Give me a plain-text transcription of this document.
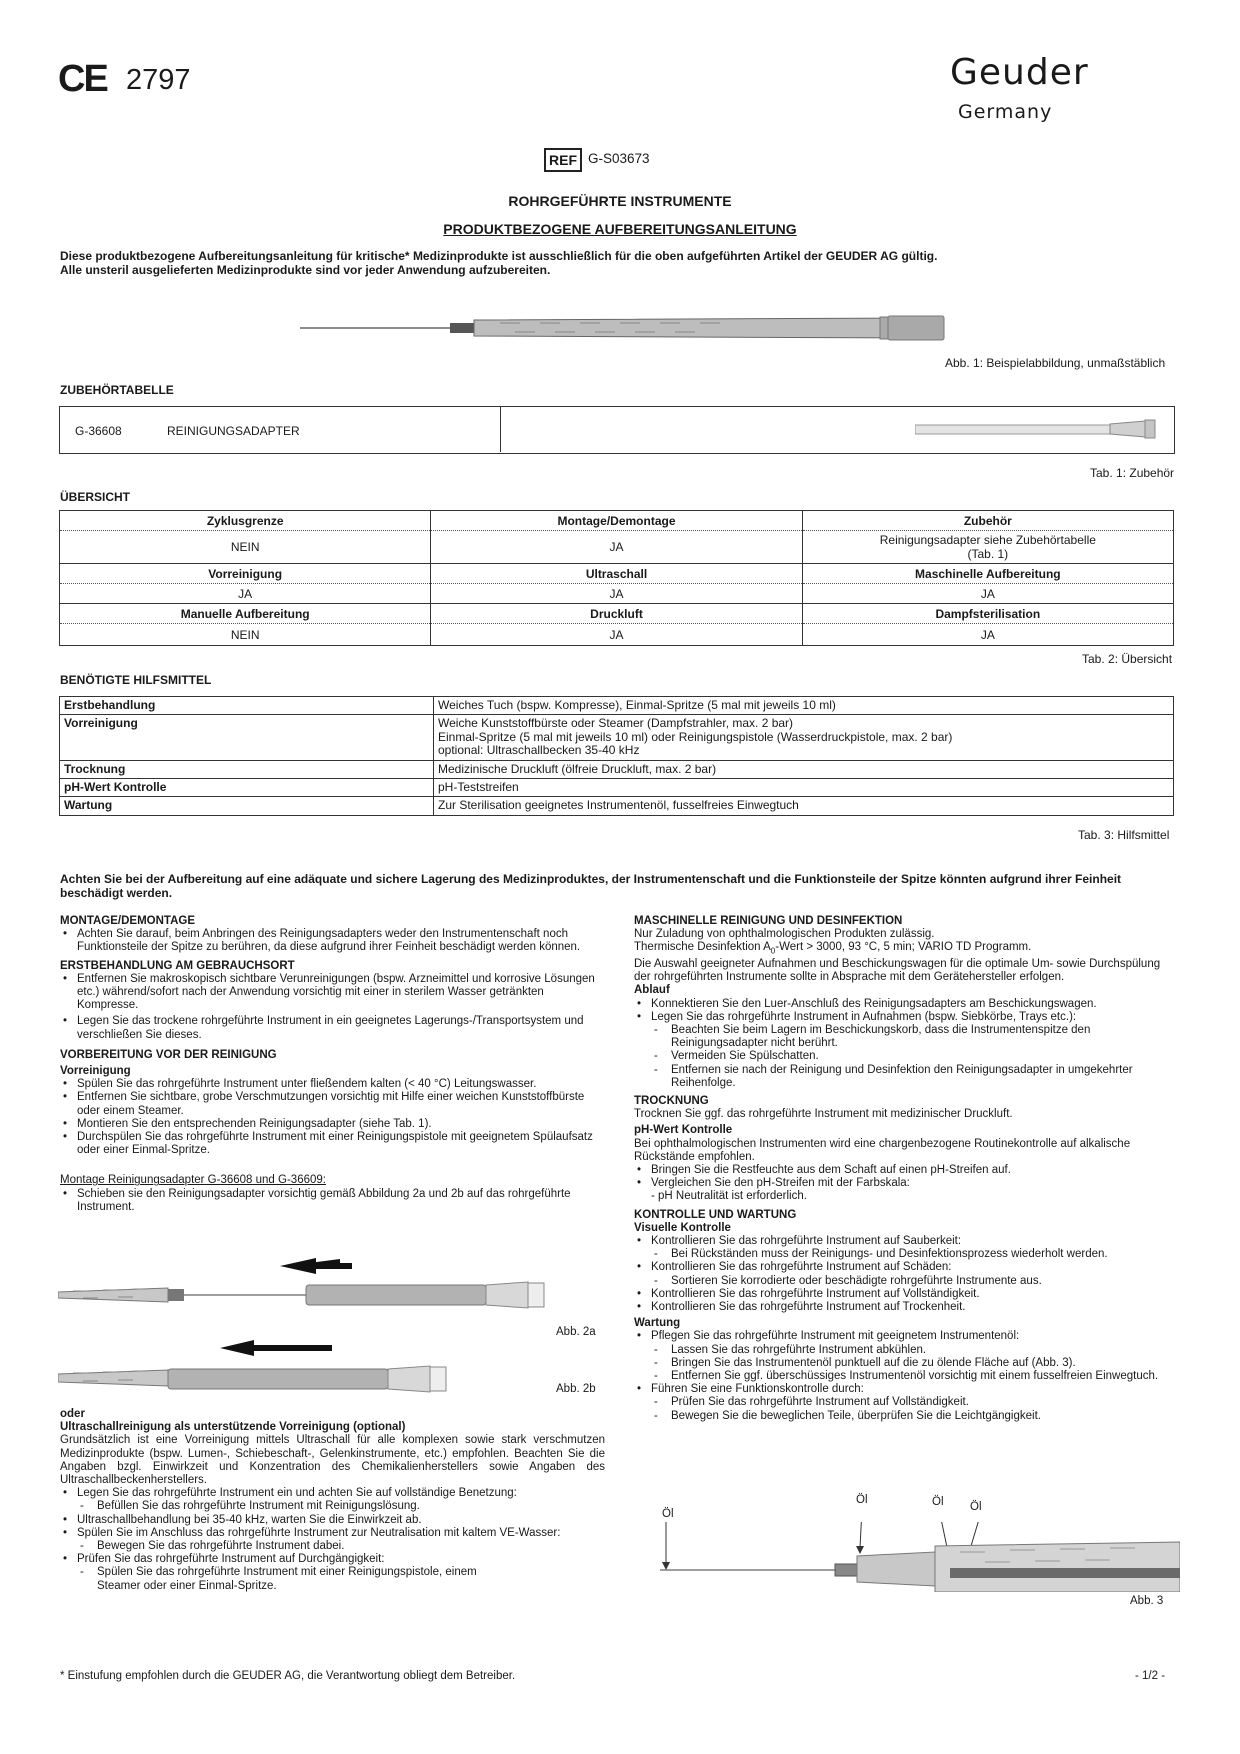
CE 2797	Geuder
Germany
REF G-S03673
ROHRGEFÜHRTE INSTRUMENTE
PRODUKTBEZOGENE AUFBEREITUNGSANLEITUNG
Diese produktbezogene Aufbereitungsanleitung für kritische* Medizinprodukte ist ausschließlich für die oben aufgeführten Artikel der GEUDER AG gültig.
Alle unsteril ausgelieferten Medizinprodukte sind vor jeder Anwendung aufzubereiten.
Abb. 1: Beispielabbildung, unmaßstäblich
ZUBEHÖRTABELLE
G-36608	REINIGUNGSADAPTER
Tab. 1: Zubehör
ÜBERSICHT
Zyklusgrenze	Montage/Demontage	Zubehör
NEIN	JA	Reinigungsadapter siehe Zubehörtabelle
(Tab. 1)

Vorreinigung	Ultraschall	Maschinelle Aufbereitung
JA	JA	JA
Manuelle Aufbereitung	Druckluft	Dampfsterilisation
NEIN	JA	JA
Tab. 2: Übersicht
BENÖTIGTE HILFSMITTEL
Erstbehandlung	Weiches Tuch (bspw. Kompresse), Einmal-Spritze (5 mal mit jeweils 10 ml)
Vorreinigung	Weiche Kunststoffbürste oder Steamer (Dampfstrahler, max. 2 bar)
Einmal-Spritze (5 mal mit jeweils 10 ml) oder Reinigungspistole (Wasserdruckpistole, max. 2 bar)
optional: Ultraschallbecken 35-40 kHz

Trocknung	Medizinische Druckluft (ölfreie Druckluft, max. 2 bar)
pH-Wert Kontrolle	pH-Teststreifen
Wartung	Zur Sterilisation geeignetes Instrumentenöl, fusselfreies Einwegtuch
Tab. 3: Hilfsmittel
Achten Sie bei der Aufbereitung auf eine adäquate und sichere Lagerung des Medizinproduktes, der Instrumentenschaft und die Funktionsteile der Spitze könnten aufgrund ihrer Feinheit beschädigt werden.
MONTAGE/DEMONTAGE
• Achten Sie darauf, beim Anbringen des Reinigungsadapters weder den Instrumentenschaft noch Funktionsteile der Spitze zu berühren, da diese aufgrund ihrer Feinheit beschädigt werden können.
ERSTBEHANDLUNG AM GEBRAUCHSORT
• Entfernen Sie makroskopisch sichtbare Verunreinigungen (bspw. Arzneimittel und korrosive Lösungen etc.) während/sofort nach der Anwendung vorsichtig mit einer in sterilem Wasser getränkten Kompresse.
• Legen Sie das trockene rohrgeführte Instrument in ein geeignetes Lagerungs-/Transportsystem und verschließen Sie dieses.
VORBEREITUNG VOR DER REINIGUNG
Vorreinigung
• Spülen Sie das rohrgeführte Instrument unter fließendem kalten (< 40 °C) Leitungswasser.
• Entfernen Sie sichtbare, grobe Verschmutzungen vorsichtig mit Hilfe einer weichen Kunststoffbürste oder einem Steamer.
• Montieren Sie den entsprechenden Reinigungsadapter (siehe Tab. 1).
• Durchspülen Sie das rohrgeführte Instrument mit einer Reinigungspistole mit geeignetem Spülaufsatz oder einer Einmal-Spritze.
Montage Reinigungsadapter G-36608 und G-36609:
• Schieben sie den Reinigungsadapter vorsichtig gemäß Abbildung 2a und 2b auf das rohrgeführte Instrument.
Abb. 2a
Abb. 2b
oder
Ultraschallreinigung als unterstützende Vorreinigung (optional)

Grundsätzlich ist eine Vorreinigung mittels Ultraschall für alle komplexen sowie stark verschmutzen Medizinprodukte (bspw. Lumen-, Schiebeschaft-, Gelenkinstrumente, etc.) empfohlen. Beachten Sie die Angaben bzgl. Einwirkzeit und Konzentration des Chemikalienherstellers sowie Angaben des Ultraschallbeckenherstellers.

• Legen Sie das rohrgeführte Instrument ein und achten Sie auf vollständige Benetzung:
- Befüllen Sie das rohrgeführte Instrument mit Reinigungslösung.
• Ultraschallbehandlung bei 35-40 kHz, warten Sie die Einwirkzeit ab.
• Spülen Sie im Anschluss das rohrgeführte Instrument zur Neutralisation mit kaltem VE-Wasser:
- Bewegen Sie das rohrgeführte Instrument dabei.
• Prüfen Sie das rohrgeführte Instrument auf Durchgängigkeit:
- Spülen Sie das rohrgeführte Instrument mit einer Reinigungspistole, einem Steamer oder einer Einmal-Spritze.
MASCHINELLE REINIGUNG UND DESINFEKTION
Nur Zuladung von ophthalmologischen Produkten zulässig.
Thermische Desinfektion $A_0$-Wert > 3000, 93 °C, 5 min; VARIO TD Programm.
Die Auswahl geeigneter Aufnahmen und Beschickungswagen für die optimale Um- sowie Durchspülung der rohrgeführten Instrumente sollte in Absprache mit dem Gerätehersteller erfolgen.
Ablauf
• Konnektieren Sie den Luer-Anschluß des Reinigungsadapters am Beschickungswagen.
• Legen Sie das rohrgeführte Instrument in Aufnahmen (bspw. Siebkörbe, Trays etc.):
- Beachten Sie beim Lagern im Beschickungskorb, dass die Instrumentenspitze den Reinigungsadapter nicht berührt.
- Vermeiden Sie Spülschatten.
- Entfernen sie nach der Reinigung und Desinfektion den Reinigungsadapter in umgekehrter Reihenfolge.
TROCKNUNG
Trocknen Sie ggf. das rohrgeführte Instrument mit medizinischer Druckluft.
pH-Wert Kontrolle
Bei ophthalmologischen Instrumenten wird eine chargenbezogene Routinekontrolle auf alkalische Rückstände empfohlen.
• Bringen Sie die Restfeuchte aus dem Schaft auf einen pH-Streifen auf.
• Vergleichen Sie den pH-Streifen mit der Farbskala:
- pH Neutralität ist erforderlich.
KONTROLLE UND WARTUNG
Visuelle Kontrolle
• Kontrollieren Sie das rohrgeführte Instrument auf Sauberkeit:
- Bei Rückständen muss der Reinigungs- und Desinfektionsprozess wiederholt werden.
• Kontrollieren Sie das rohrgeführte Instrument auf Schäden:
- Sortieren Sie korrodierte oder beschädigte rohrgeführte Instrumente aus.
• Kontrollieren Sie das rohrgeführte Instrument auf Vollständigkeit.
• Kontrollieren Sie das rohrgeführte Instrument auf Trockenheit.
Wartung
• Pflegen Sie das rohrgeführte Instrument mit geeignetem Instrumentenöl:
- Lassen Sie das rohrgeführte Instrument abkühlen.
- Bringen Sie das Instrumentenöl punktuell auf die zu ölende Fläche auf (Abb. 3).
- Entfernen Sie ggf. überschüssiges Instrumentenöl vorsichtig mit einem fusselfreien Einwegtuch.
• Führen Sie eine Funktionskontrolle durch:
- Prüfen Sie das rohrgeführte Instrument auf Vollständigkeit.
- Bewegen Sie die beweglichen Teile, überprüfen Sie die Leichtgängigkeit.
Öl
Öl	Öl Öl
Abb. 3
* Einstufung empfohlen durch die GEUDER AG, die Verantwortung obliegt dem Betreiber.	- 1/2 -
